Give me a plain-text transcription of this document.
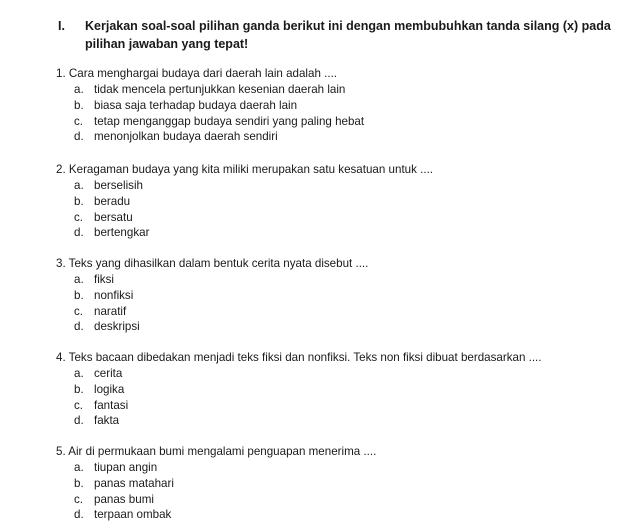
I. Kerjakan soal-soal pilihan ganda berikut ini dengan membubuhkan tanda silang (x) pada pilihan jawaban yang tepat!
1. Cara menghargai budaya dari daerah lain adalah ....
a. tidak mencela pertunjukkan kesenian daerah lain
b. biasa saja terhadap budaya daerah lain
c. tetap menganggap budaya sendiri yang paling hebat
d. menonjolkan budaya daerah sendiri
2. Keragaman budaya yang kita miliki merupakan satu kesatuan untuk ....
a. berselisih
b. beradu
c. bersatu
d. bertengkar
3. Teks yang dihasilkan dalam bentuk cerita nyata disebut ....
a. fiksi
b. nonfiksi
c. naratif
d. deskripsi
4. Teks bacaan dibedakan menjadi teks fiksi dan nonfiksi. Teks non fiksi dibuat berdasarkan ....
a. cerita
b. logika
c. fantasi
d. fakta
5. Air di permukaan bumi mengalami penguapan menerima ....
a. tiupan angin
b. panas matahari
c. panas bumi
d. terpaan ombak
